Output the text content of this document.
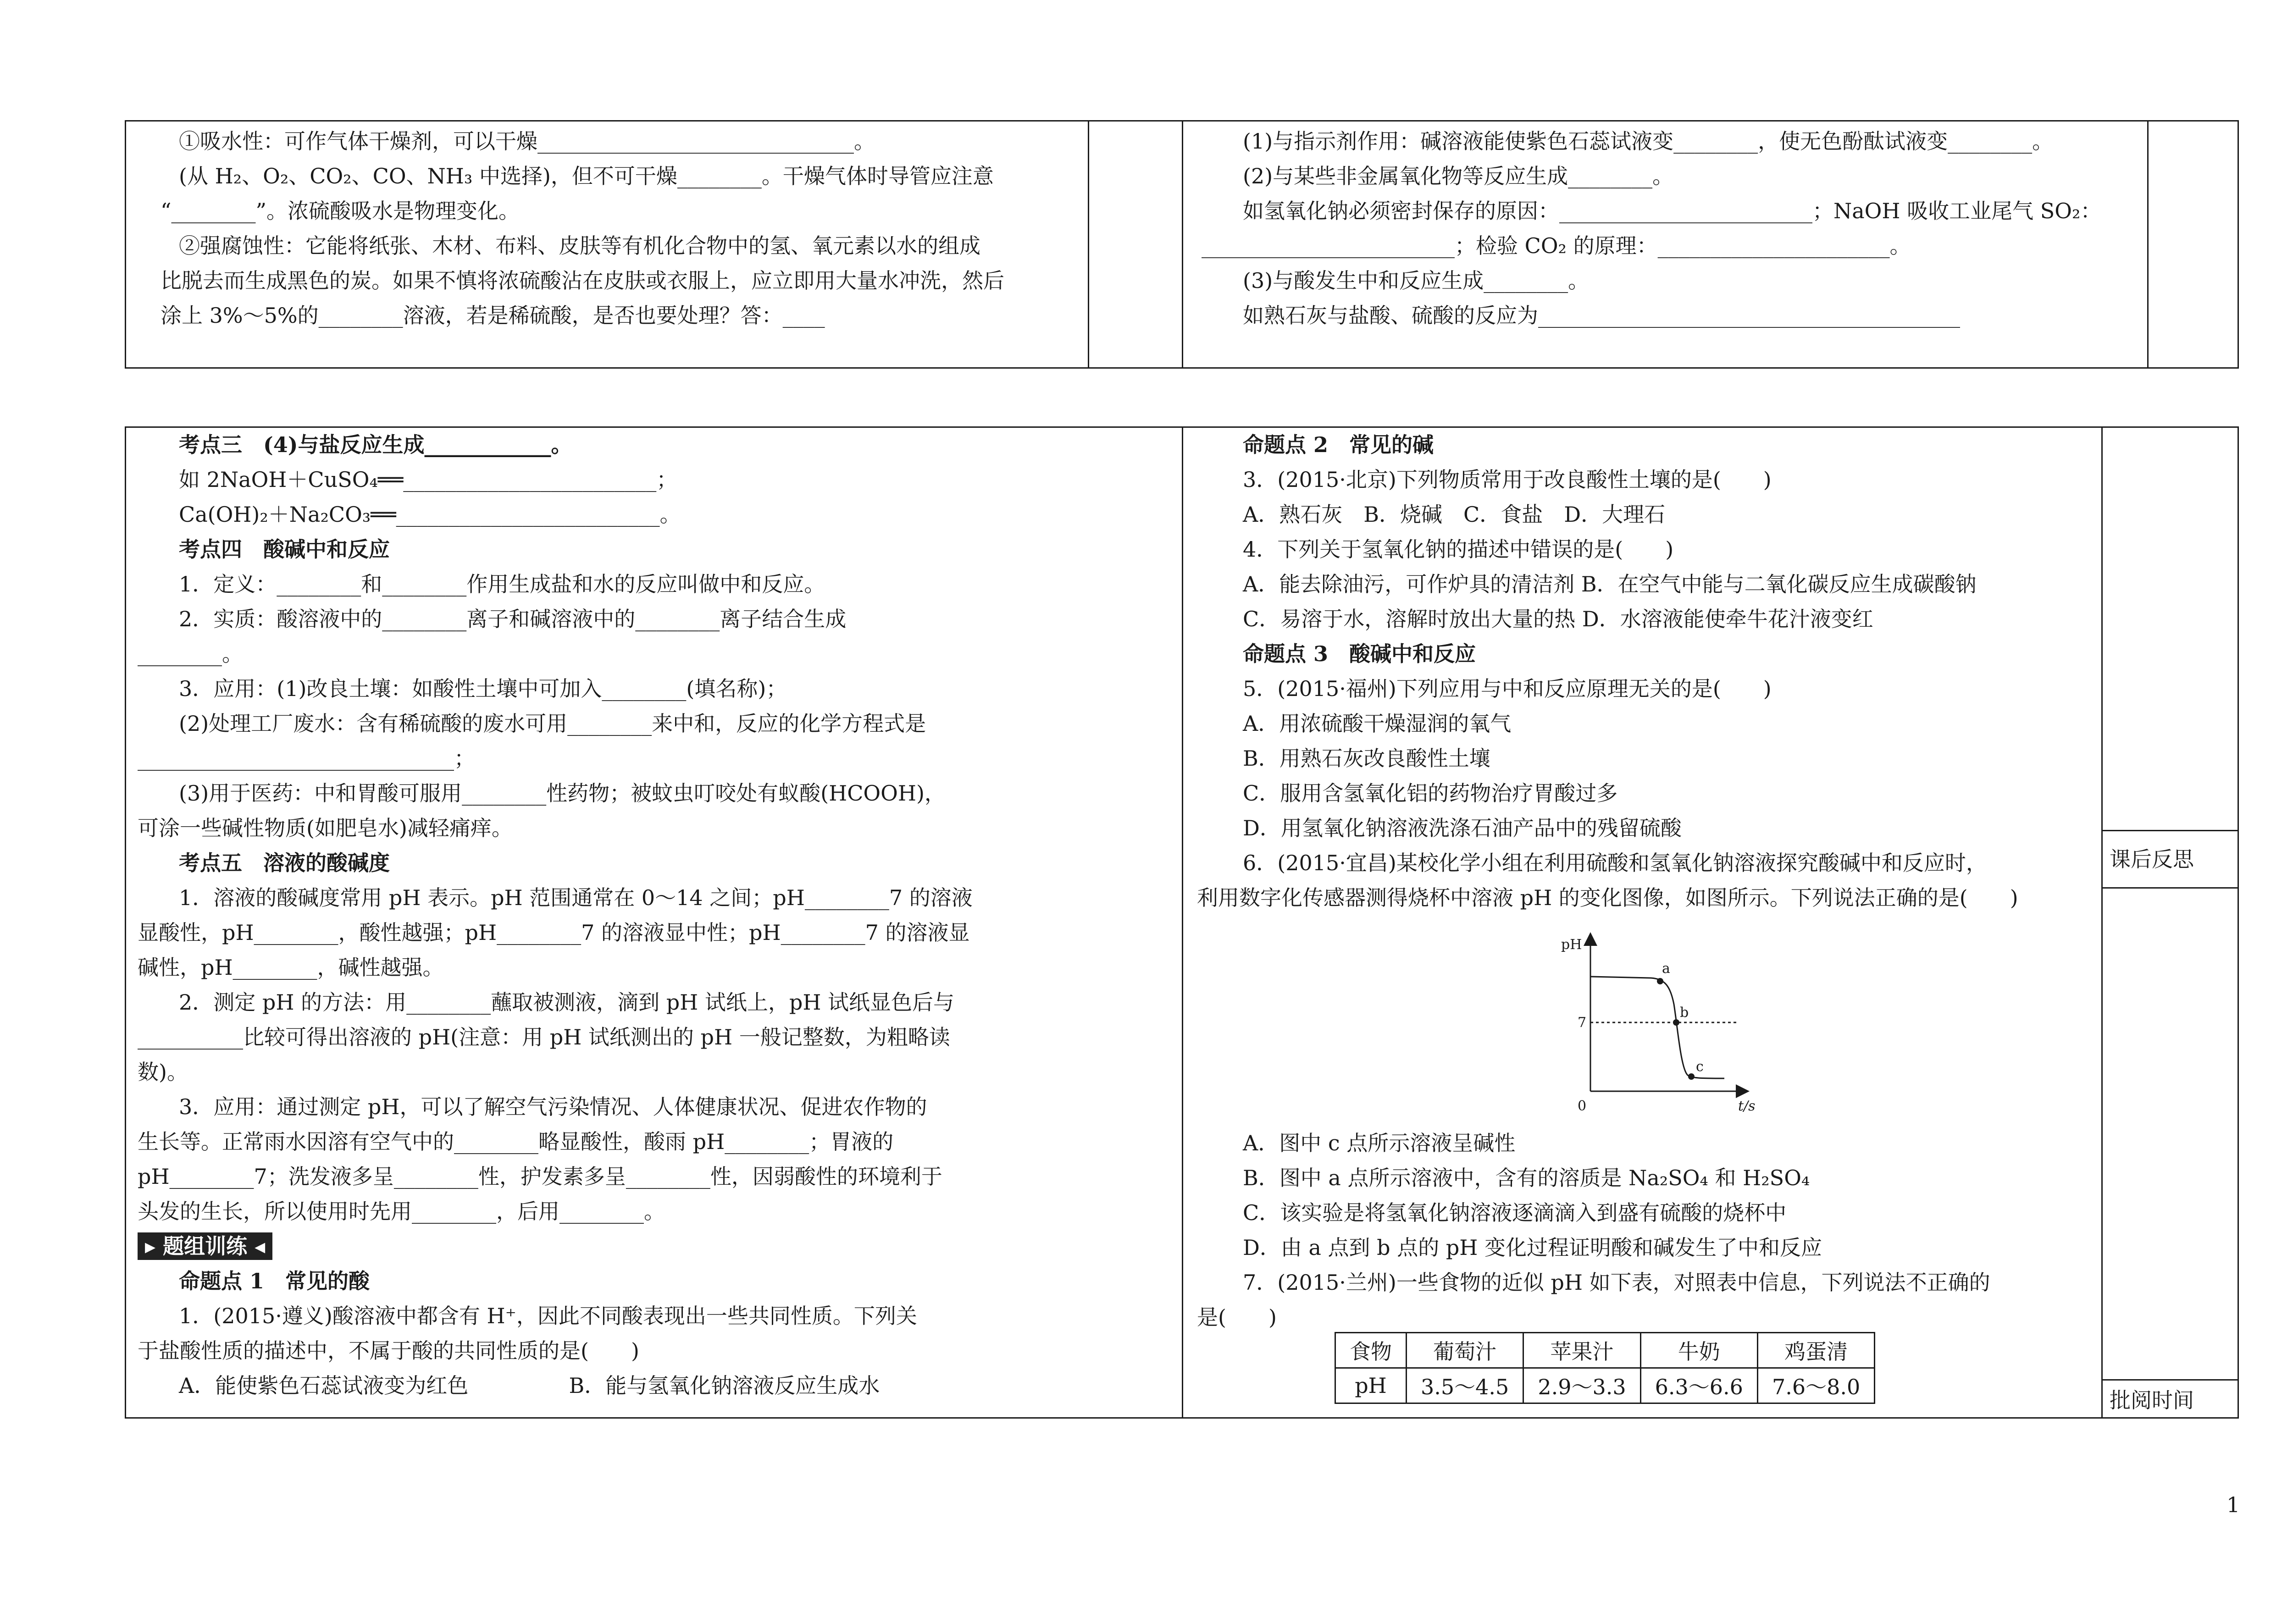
①吸水性：可作气体干燥剂，可以干燥______________________________。
(从 H₂、O₂、CO₂、CO、NH₃ 中选择)，但不可干燥________。干燥气体时导管应注意
“________”。浓硫酸吸水是物理变化。
②强腐蚀性：它能将纸张、木材、布料、皮肤等有机化合物中的氢、氧元素以水的组成
比脱去而生成黑色的炭。如果不慎将浓硫酸沾在皮肤或衣服上，应立即用大量水冲洗，然后
涂上 3%～5%的________溶液，若是稀硫酸，是否也要处理？答：____
(1)与指示剂作用：碱溶液能使紫色石蕊试液变________，使无色酚酞试液变________。
(2)与某些非金属氧化物等反应生成________。
如氢氧化钠必须密封保存的原因：________________________；NaOH 吸收工业尾气 SO₂：
________________________；检验 CO₂ 的原理：______________________。
(3)与酸发生中和反应生成________。
如熟石灰与盐酸、硫酸的反应为________________________________________
课后反思
批阅时间
考点三　(4)与盐反应生成____________。
如 2NaOH＋CuSO₄══________________________；
Ca(OH)₂＋Na₂CO₃══_________________________。
考点四　酸碱中和反应
1．定义：________和________作用生成盐和水的反应叫做中和反应。
2．实质：酸溶液中的________离子和碱溶液中的________离子结合生成
________。
3．应用：(1)改良土壤：如酸性土壤中可加入________(填名称)；
(2)处理工厂废水：含有稀硫酸的废水可用________来中和，反应的化学方程式是
______________________________；
(3)用于医药：中和胃酸可服用________性药物；被蚊虫叮咬处有蚁酸(HCOOH)，
可涂一些碱性物质(如肥皂水)减轻痛痒。
考点五　溶液的酸碱度
1．溶液的酸碱度常用 pH 表示。pH 范围通常在 0～14 之间；pH________7 的溶液
显酸性，pH________，酸性越强；pH________7 的溶液显中性；pH________7 的溶液显
碱性，pH________，碱性越强。
2．测定 pH 的方法：用________蘸取被测液，滴到 pH 试纸上，pH 试纸显色后与
__________比较可得出溶液的 pH(注意：用 pH 试纸测出的 pH 一般记整数，为粗略读
数)。
3．应用：通过测定 pH，可以了解空气污染情况、人体健康状况、促进农作物的
生长等。正常雨水因溶有空气中的________略显酸性，酸雨 pH________；胃液的
pH________7；洗发液多呈________性，护发素多呈________性，因弱酸性的环境利于
头发的生长，所以使用时先用________，后用________。
▸ 题组训练 ◂
命题点 1　常见的酸
1．(2015·遵义)酸溶液中都含有 H⁺，因此不同酸表现出一些共同性质。下列关
于盐酸性质的描述中，不属于酸的共同性质的是(　　)
A．能使紫色石蕊试液变为红色	B．能与氢氧化钠溶液反应生成水
命题点 2　常见的碱
3．(2015·北京)下列物质常用于改良酸性土壤的是(　　)
A．熟石灰　B．烧碱　C．食盐　D．大理石
4．下列关于氢氧化钠的描述中错误的是(　　)
A．能去除油污，可作炉具的清洁剂 B．在空气中能与二氧化碳反应生成碳酸钠
C．易溶于水，溶解时放出大量的热 D．水溶液能使牵牛花汁液变红
命题点 3　酸碱中和反应
5．(2015·福州)下列应用与中和反应原理无关的是(　　)
A．用浓硫酸干燥湿润的氧气
B．用熟石灰改良酸性土壤
C．服用含氢氧化铝的药物治疗胃酸过多
D．用氢氧化钠溶液洗涤石油产品中的残留硫酸
6．(2015·宜昌)某校化学小组在利用硫酸和氢氧化钠溶液探究酸碱中和反应时，
利用数字化传感器测得烧杯中溶液 pH 的变化图像，如图所示。下列说法正确的是(　　)
pH
t/s
0
7
a
b
c
A．图中 c 点所示溶液呈碱性
B．图中 a 点所示溶液中，含有的溶质是 Na₂SO₄ 和 H₂SO₄
C．该实验是将氢氧化钠溶液逐滴滴入到盛有硫酸的烧杯中
D．由 a 点到 b 点的 pH 变化过程证明酸和碱发生了中和反应
7．(2015·兰州)一些食物的近似 pH 如下表，对照表中信息，下列说法不正确的
是(　　)
食物	葡萄汁	苹果汁	牛奶	鸡蛋清
pH	3.5～4.5	2.9～3.3	6.3～6.6	7.6～8.0
1
